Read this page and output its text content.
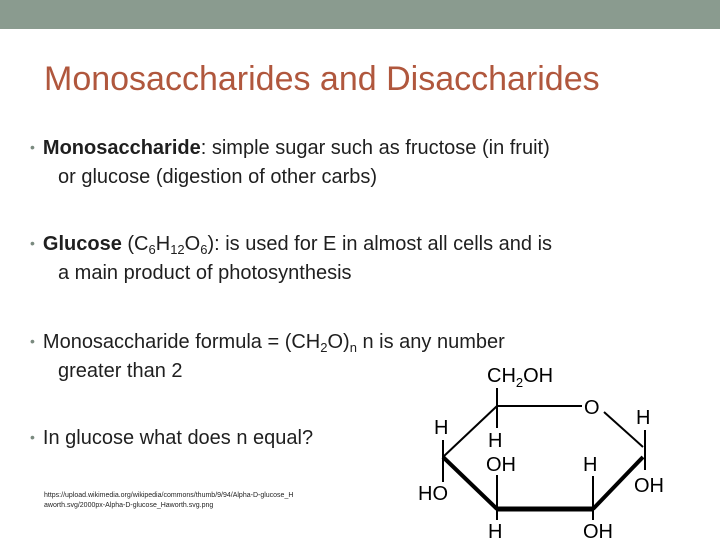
Monosaccharides and Disaccharides
• Monosaccharide: simple sugar such as fructose (in fruit)
or glucose (digestion of other carbs)
• Glucose $(C_6H_{12}O_6)$: is used for E in almost all cells and is
a main product of photosynthesis
• Monosaccharide formula = $(CH_2O)_n$ n is any number
greater than 2
• In glucose what does n equal?
https://upload.wikimedia.org/wikipedia/commons/thumb/9/94/Alpha-D-glucose_Haworth.svg/2000px-Alpha-D-glucose_Haworth.svg.png
$CH_2OH$
O
H
HO
H
OH
H
H
OH
H
OH
